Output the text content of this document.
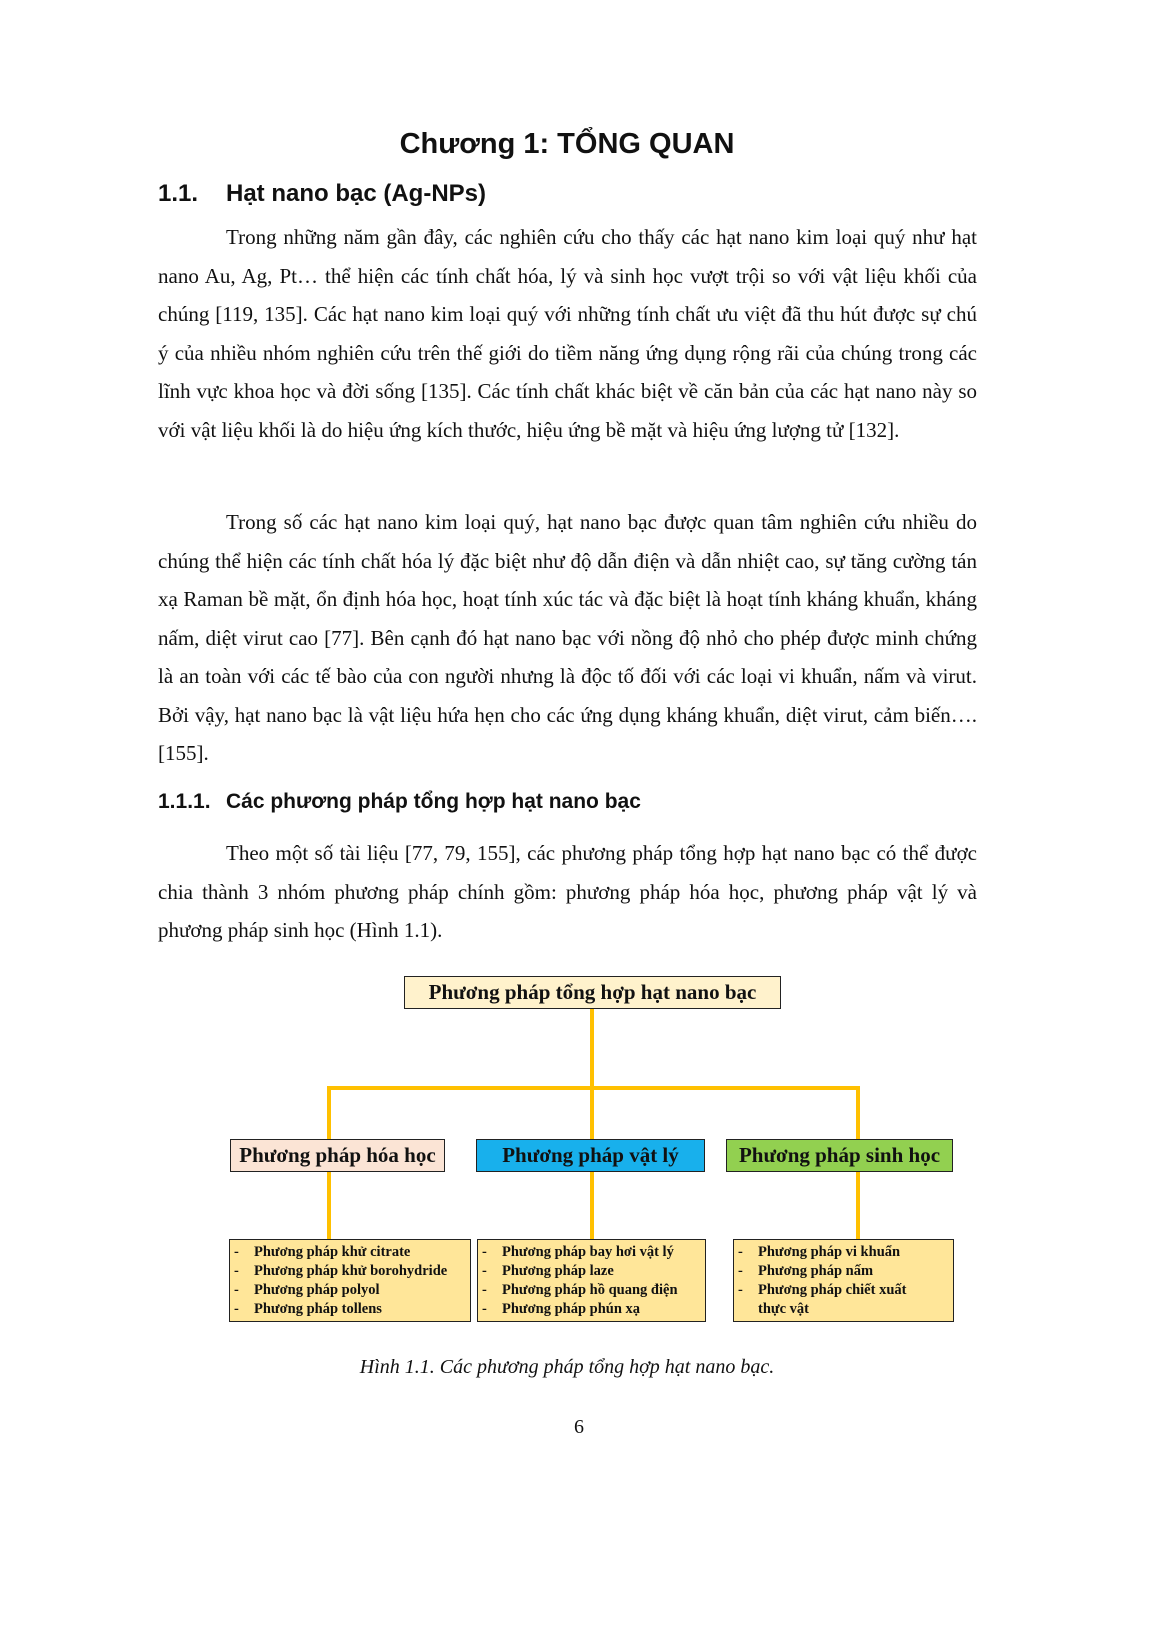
Chương 1: TỔNG QUAN
1.1. Hạt nano bạc (Ag-NPs)
Trong những năm gần đây, các nghiên cứu cho thấy các hạt nano kim loại quý như hạt nano Au, Ag, Pt… thể hiện các tính chất hóa, lý và sinh học vượt trội so với vật liệu khối của chúng [119, 135]. Các hạt nano kim loại quý với những tính chất ưu việt đã thu hút được sự chú ý của nhiều nhóm nghiên cứu trên thế giới do tiềm năng ứng dụng rộng rãi của chúng trong các lĩnh vực khoa học và đời sống [135]. Các tính chất khác biệt về căn bản của các hạt nano này so với vật liệu khối là do hiệu ứng kích thước, hiệu ứng bề mặt và hiệu ứng lượng tử [132].
Trong số các hạt nano kim loại quý, hạt nano bạc được quan tâm nghiên cứu nhiều do chúng thể hiện các tính chất hóa lý đặc biệt như độ dẫn điện và dẫn nhiệt cao, sự tăng cường tán xạ Raman bề mặt, ổn định hóa học, hoạt tính xúc tác và đặc biệt là hoạt tính kháng khuẩn, kháng nấm, diệt virut cao [77]. Bên cạnh đó hạt nano bạc với nồng độ nhỏ cho phép được minh chứng là an toàn với các tế bào của con người nhưng là độc tố đối với các loại vi khuẩn, nấm và virut. Bởi vậy, hạt nano bạc là vật liệu hứa hẹn cho các ứng dụng kháng khuẩn, diệt virut, cảm biến…. [155].
1.1.1. Các phương pháp tổng hợp hạt nano bạc
Theo một số tài liệu [77, 79, 155], các phương pháp tổng hợp hạt nano bạc có thể được chia thành 3 nhóm phương pháp chính gồm: phương pháp hóa học, phương pháp vật lý và phương pháp sinh học (Hình 1.1).
Phương pháp tổng hợp hạt nano bạc
Phương pháp hóa học	Phương pháp vật lý	Phương pháp sinh học
- Phương pháp khử citrate
- Phương pháp khử borohydride
- Phương pháp polyol
- Phương pháp tollens
- Phương pháp bay hơi vật lý
- Phương pháp laze
- Phương pháp hồ quang điện
- Phương pháp phún xạ
- Phương pháp vi khuẩn
- Phương pháp nấm
- Phương pháp chiết xuất thực vật
Hình 1.1. Các phương pháp tổng hợp hạt nano bạc.
6
